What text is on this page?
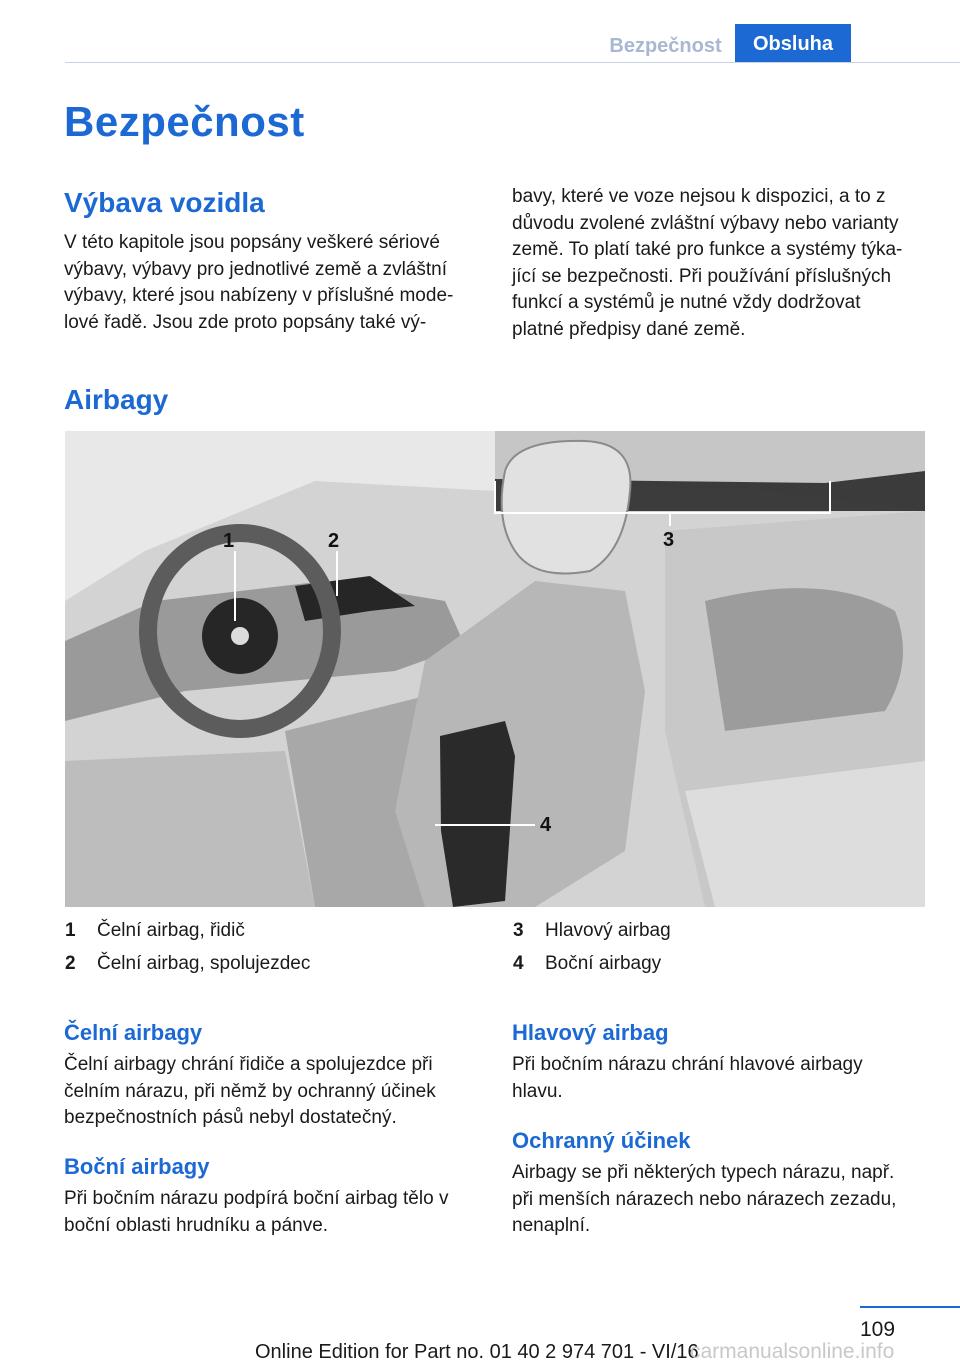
Bezpečnost	Obsluha
Bezpečnost
Výbava vozidla

V této kapitole jsou popsány veškeré sériové
výbavy, výbavy pro jednotlivé země a zvláštní
výbavy, které jsou nabízeny v příslušné mode‐
lové řadě. Jsou zde proto popsány také vý‐

bavy, které ve voze nejsou k dispozici, a to z
důvodu zvolené zvláštní výbavy nebo varianty
země. To platí také pro funkce a systémy týka‐
jící se bezpečnosti. Při používání příslušných
funkcí a systémů je nutné vždy dodržovat
platné předpisy dané země.

Airbagy
1	2	3
4
1 Čelní airbag, řidič
2 Čelní airbag, spolujezdec
3 Hlavový airbag
4 Boční airbagy
Čelní airbagy

Čelní airbagy chrání řidiče a spolujezdce při
čelním nárazu, při němž by ochranný účinek
bezpečnostních pásů nebyl dostatečný.

Boční airbagy

Při bočním nárazu podpírá boční airbag tělo v
boční oblasti hrudníku a pánve.

Hlavový airbag

Při bočním nárazu chrání hlavové airbagy
hlavu.

Ochranný účinek

Airbagy se při některých typech nárazu, např.
při menších nárazech nebo nárazech zezadu,
nenaplní.

109
Online Edition for Part no. 01 40 2 974 701 - VI/16
carmanualsonline.info
